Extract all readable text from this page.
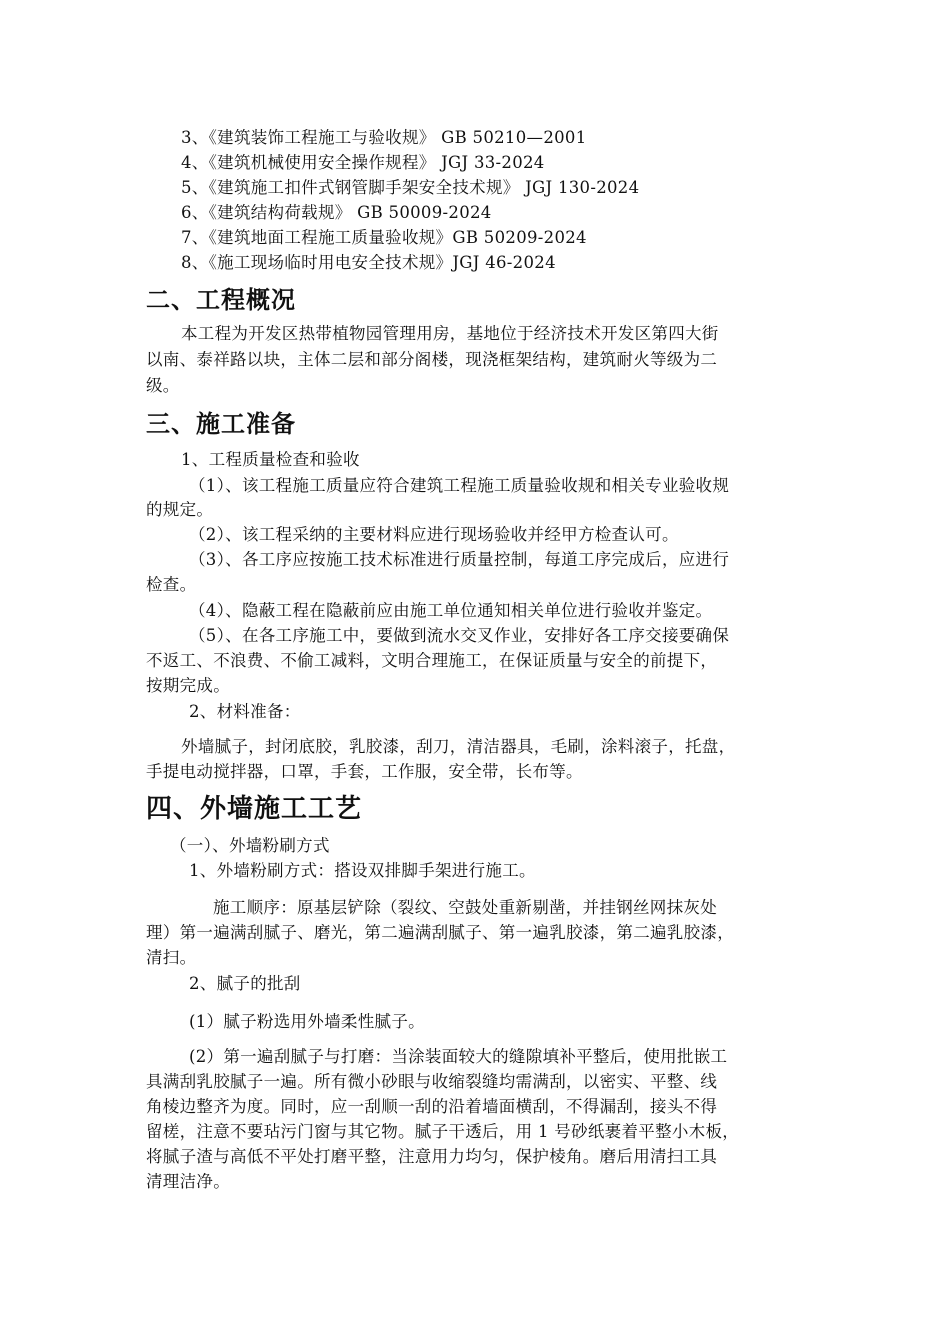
3、《建筑装饰工程施工与验收规》 GB 50210—2001
4、《建筑机械使用安全操作规程》 JGJ 33-2024
5、《建筑施工扣件式钢管脚手架安全技术规》 JGJ 130-2024
6、《建筑结构荷载规》 GB 50009-2024
7、《建筑地面工程施工质量验收规》GB 50209-2024
8、《施工现场临时用电安全技术规》JGJ 46-2024
二、工程概况
本工程为开发区热带植物园管理用房，基地位于经济技术开发区第四大街
以南、泰祥路以块，主体二层和部分阁楼，现浇框架结构，建筑耐火等级为二
级。
三、施工准备
1、工程质量检查和验收
（1）、该工程施工质量应符合建筑工程施工质量验收规和相关专业验收规
的规定。
（2）、该工程采纳的主要材料应进行现场验收并经甲方检查认可。
（3）、各工序应按施工技术标准进行质量控制，每道工序完成后，应进行
检查。
（4）、隐蔽工程在隐蔽前应由施工单位通知相关单位进行验收并鉴定。
（5）、在各工序施工中，要做到流水交叉作业，安排好各工序交接要确保
不返工、不浪费、不偷工减料，文明合理施工，在保证质量与安全的前提下，
按期完成。
2、材料准备：
外墙腻子，封闭底胶，乳胶漆，刮刀，清洁器具，毛刷，涂料滚子，托盘，
手提电动搅拌器，口罩，手套，工作服，安全带，长布等。
四、外墙施工工艺
（一）、外墙粉刷方式
1、外墙粉刷方式：搭设双排脚手架进行施工。
施工顺序：原基层铲除（裂纹、空鼓处重新剔凿，并挂钢丝网抹灰处
理）第一遍满刮腻子、磨光，第二遍满刮腻子、第一遍乳胶漆，第二遍乳胶漆，
清扫。
2、腻子的批刮
(1）腻子粉选用外墙柔性腻子。
(2）第一遍刮腻子与打磨：当涂装面较大的缝隙填补平整后，使用批嵌工
具满刮乳胶腻子一遍。所有微小砂眼与收缩裂缝均需满刮，以密实、平整、线
角棱边整齐为度。同时，应一刮顺一刮的沿着墙面横刮，不得漏刮，接头不得
留槎，注意不要玷污门窗与其它物。腻子干透后，用 1 号砂纸裹着平整小木板，
将腻子渣与高低不平处打磨平整，注意用力均匀，保护棱角。磨后用清扫工具
清理洁净。
